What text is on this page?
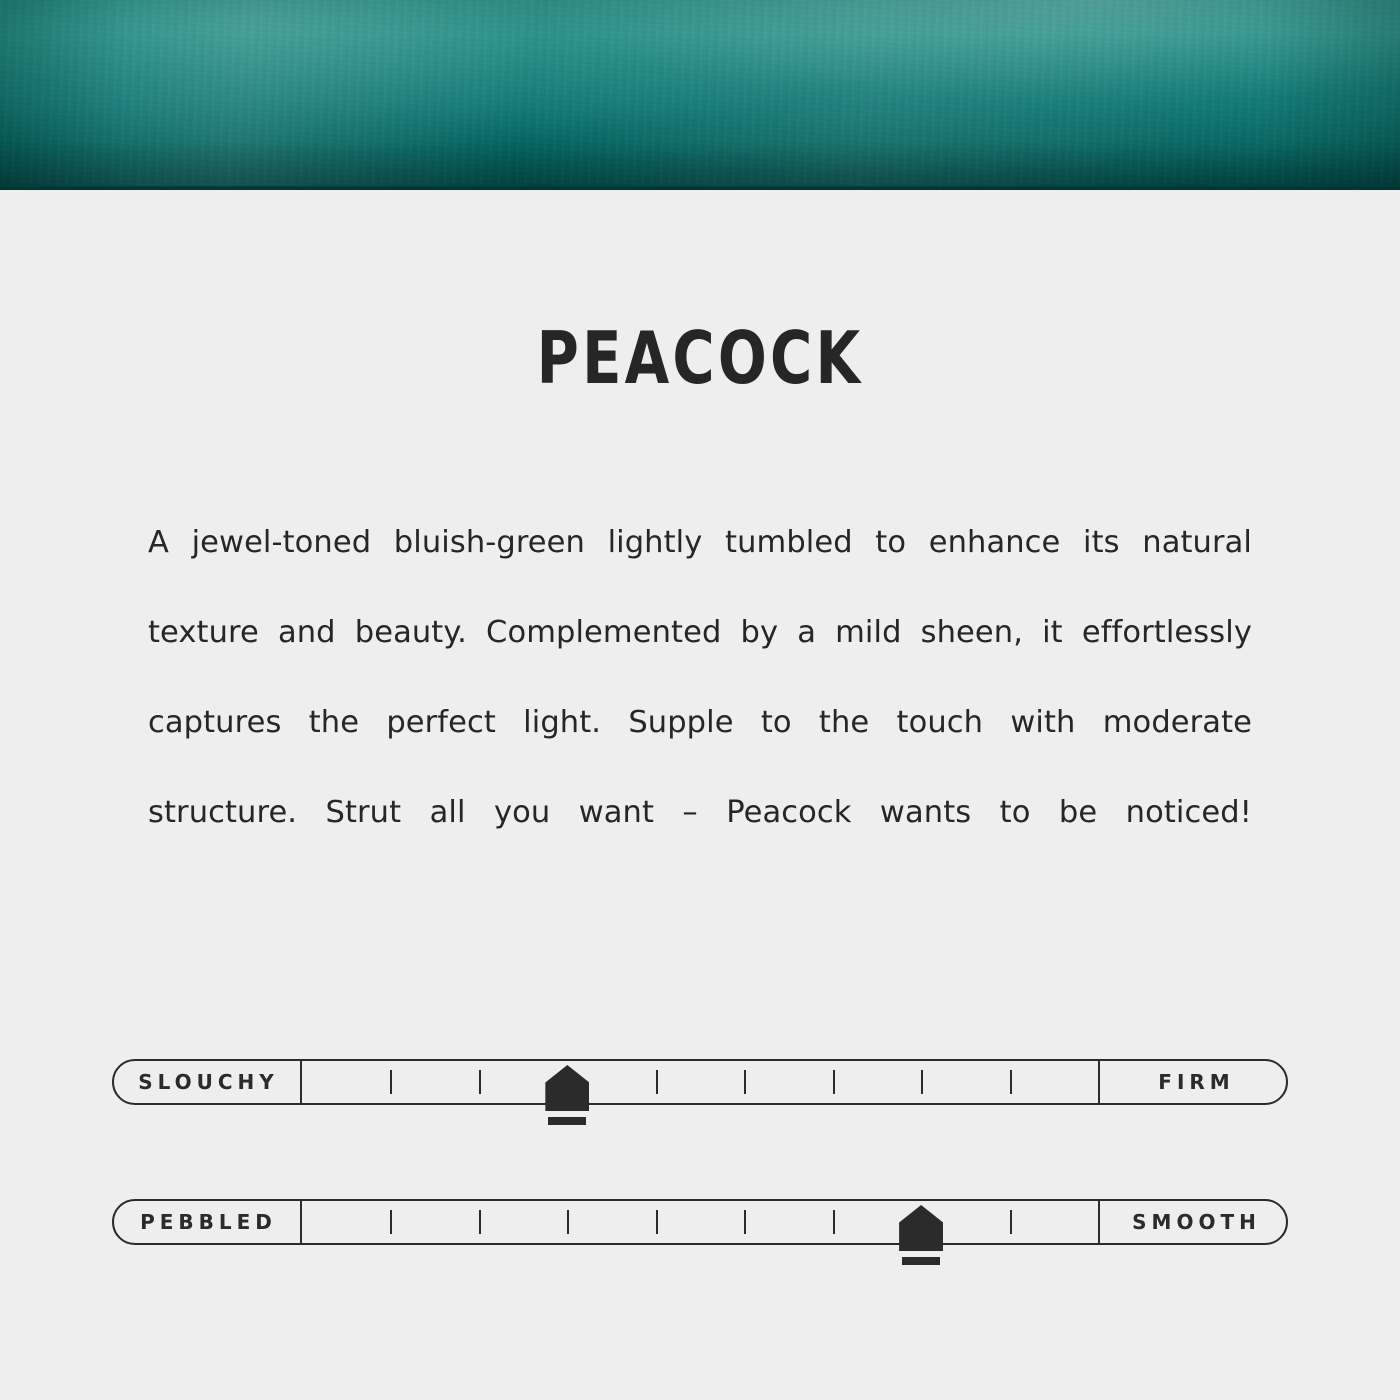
PEACOCK
A jewel-toned bluish-green lightly tumbled to enhance its natural texture and beauty. Complemented by a mild sheen, it effortlessly captures the perfect light. Supple to the touch with moderate structure. Strut all you want – Peacock wants to be noticed!
SLOUCHY	FIRM
PEBBLED	SMOOTH
